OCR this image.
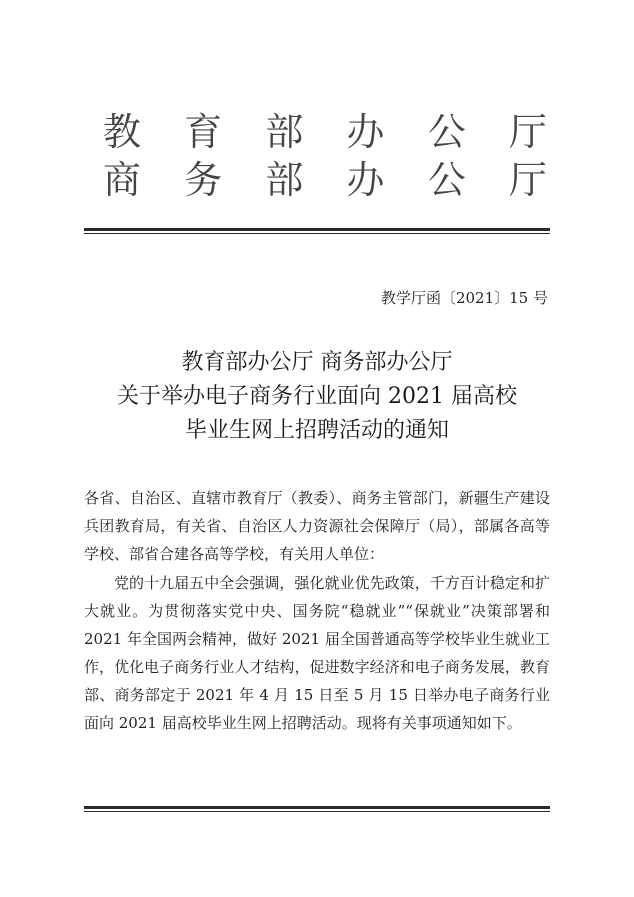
教 育 部 办 公 厅
商 务 部 办 公 厅
教学厅函〔2021〕15 号
教育部办公厅 商务部办公厅
关于举办电子商务行业面向 2021 届高校
毕业生网上招聘活动的通知
各省、自治区、直辖市教育厅（教委）、商务主管部门，新疆生产建设兵团教育局，有关省、自治区人力资源社会保障厅（局），部属各高等学校、部省合建各高等学校，有关用人单位：
党的十九届五中全会强调，强化就业优先政策，千方百计稳定和扩大就业。为贯彻落实党中央、国务院“稳就业”“保就业”决策部署和 2021 年全国两会精神，做好 2021 届全国普通高等学校毕业生就业工作，优化电子商务行业人才结构，促进数字经济和电子商务发展，教育部、商务部定于 2021 年 4 月 15 日至 5 月 15 日举办电子商务行业面向 2021 届高校毕业生网上招聘活动。现将有关事项通知如下。
